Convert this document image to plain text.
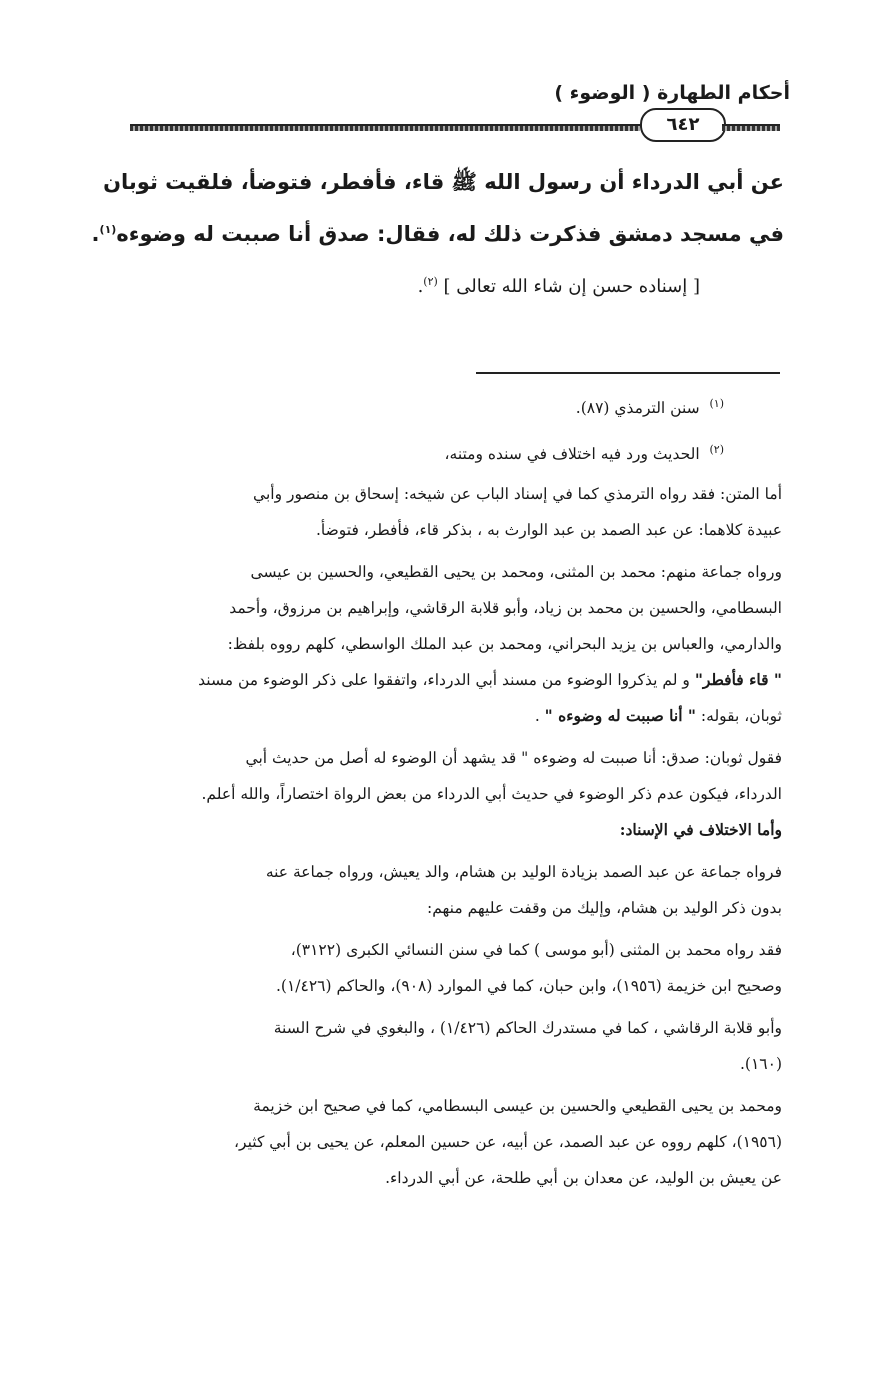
أحكام الطهارة ( الوضوء )
٦٤٢
عن أبي الدرداء أن رسول الله ﷺ قاء، فأفطر، فتوضأ، فلقيت ثوبان
في مسجد دمشق فذكرت ذلك له، فقال: صدق أنا صببت له وضوءه$^{(١)}$.
[ إسناده حسن إن شاء الله تعالى ] $^{(٢)}$.
$^{(١)}$  سنن الترمذي (٨٧).
$^{(٢)}$  الحديث ورد فيه اختلاف في سنده ومتنه،
أما المتن: فقد رواه الترمذي كما في إسناد الباب عن شيخه: إسحاق بن منصور وأبي
عبيدة كلاهما: عن عبد الصمد بن عبد الوارث به ، بذكر قاء، فأفطر، فتوضأ.
ورواه جماعة منهم: محمد بن المثنى، ومحمد بن يحيى القطيعي، والحسين بن عيسى
البسطامي، والحسين بن محمد بن زياد، وأبو قلابة الرقاشي، وإبراهيم بن مرزوق، وأحمد
والدارمي، والعباس بن يزيد البحراني، ومحمد بن عبد الملك الواسطي، كلهم رووه بلفظ:
" قاء فأفطر" و لم يذكروا الوضوء من مسند أبي الدرداء، واتفقوا على ذكر الوضوء من مسند
ثوبان، بقوله: " أنا صببت له وضوءه " .
فقول ثوبان: صدق: أنا صببت له وضوءه " قد يشهد أن الوضوء له أصل من حديث أبي
الدرداء، فيكون عدم ذكر الوضوء في حديث أبي الدرداء من بعض الرواة اختصاراً، والله أعلم.
وأما الاختلاف في الإسناد:
فرواه جماعة عن عبد الصمد بزيادة الوليد بن هشام، والد يعيش، ورواه جماعة عنه
بدون ذكر الوليد بن هشام، وإليك من وقفت عليهم منهم:
فقد رواه محمد بن المثنى (أبو موسى ) كما في سنن النسائي الكبرى (٣١٢٢)،
وصحيح ابن خزيمة (١٩٥٦)، وابن حبان، كما في الموارد (٩٠٨)، والحاكم (١/٤٢٦).
وأبو قلابة الرقاشي ، كما في مستدرك الحاكم (١/٤٢٦) ، والبغوي في شرح السنة
(١٦٠).
ومحمد بن يحيى القطيعي والحسين بن عيسى البسطامي، كما في صحيح ابن خزيمة
(١٩٥٦)، كلهم رووه عن عبد الصمد، عن أبيه، عن حسين المعلم، عن يحيى بن أبي كثير،
عن يعيش بن الوليد، عن معدان بن أبي طلحة، عن أبي الدرداء.
